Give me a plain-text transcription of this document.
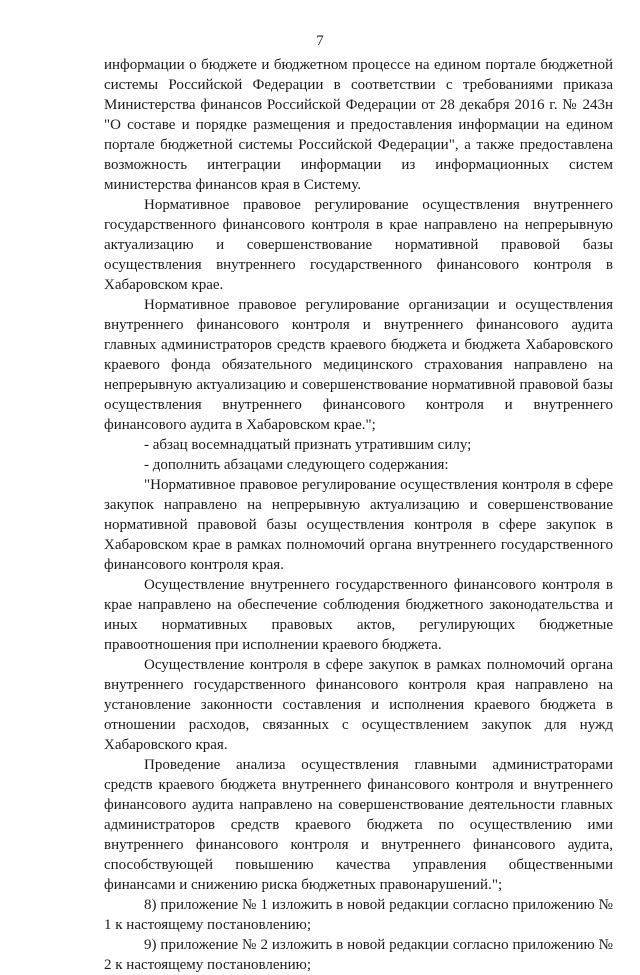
7

информации о бюджете и бюджетном процессе на едином портале бюджетной системы Российской Федерации в соответствии с требованиями приказа Министерства финансов Российской Федерации от 28 декабря 2016 г. № 243н "О составе и порядке размещения и предоставления информации на едином портале бюджетной системы Российской Федерации", а также предоставлена возможность интеграции информации из информационных систем министерства финансов края в Систему.

Нормативное правовое регулирование осуществления внутреннего государственного финансового контроля в крае направлено на непрерывную актуализацию и совершенствование нормативной правовой базы осуществления внутреннего государственного финансового контроля в Хабаровском крае.

Нормативное правовое регулирование организации и осуществления внутреннего финансового контроля и внутреннего финансового аудита главных администраторов средств краевого бюджета и бюджета Хабаровского краевого фонда обязательного медицинского страхования направлено на непрерывную актуализацию и совершенствование нормативной правовой базы осуществления внутреннего финансового контроля и внутреннего финансового аудита в Хабаровском крае.";

- абзац восемнадцатый признать утратившим силу;

- дополнить абзацами следующего содержания:

"Нормативное правовое регулирование осуществления контроля в сфере закупок направлено на непрерывную актуализацию и совершенствование нормативной правовой базы осуществления контроля в сфере закупок в Хабаровском крае в рамках полномочий органа внутреннего государственного финансового контроля края.

Осуществление внутреннего государственного финансового контроля в крае направлено на обеспечение соблюдения бюджетного законодательства и иных нормативных правовых актов, регулирующих бюджетные правоотношения при исполнении краевого бюджета.

Осуществление контроля в сфере закупок в рамках полномочий органа внутреннего государственного финансового контроля края направлено на установление законности составления и исполнения краевого бюджета в отношении расходов, связанных с осуществлением закупок для нужд Хабаровского края.

Проведение анализа осуществления главными администраторами средств краевого бюджета внутреннего финансового контроля и внутреннего финансового аудита направлено на совершенствование деятельности главных администраторов средств краевого бюджета по осуществлению ими внутреннего финансового контроля и внутреннего финансового аудита, способствующей повышению качества управления общественными финансами и снижению риска бюджетных правонарушений.";

8) приложение № 1 изложить в новой редакции согласно приложению № 1 к настоящему постановлению;

9) приложение № 2 изложить в новой редакции согласно приложению № 2 к настоящему постановлению;
